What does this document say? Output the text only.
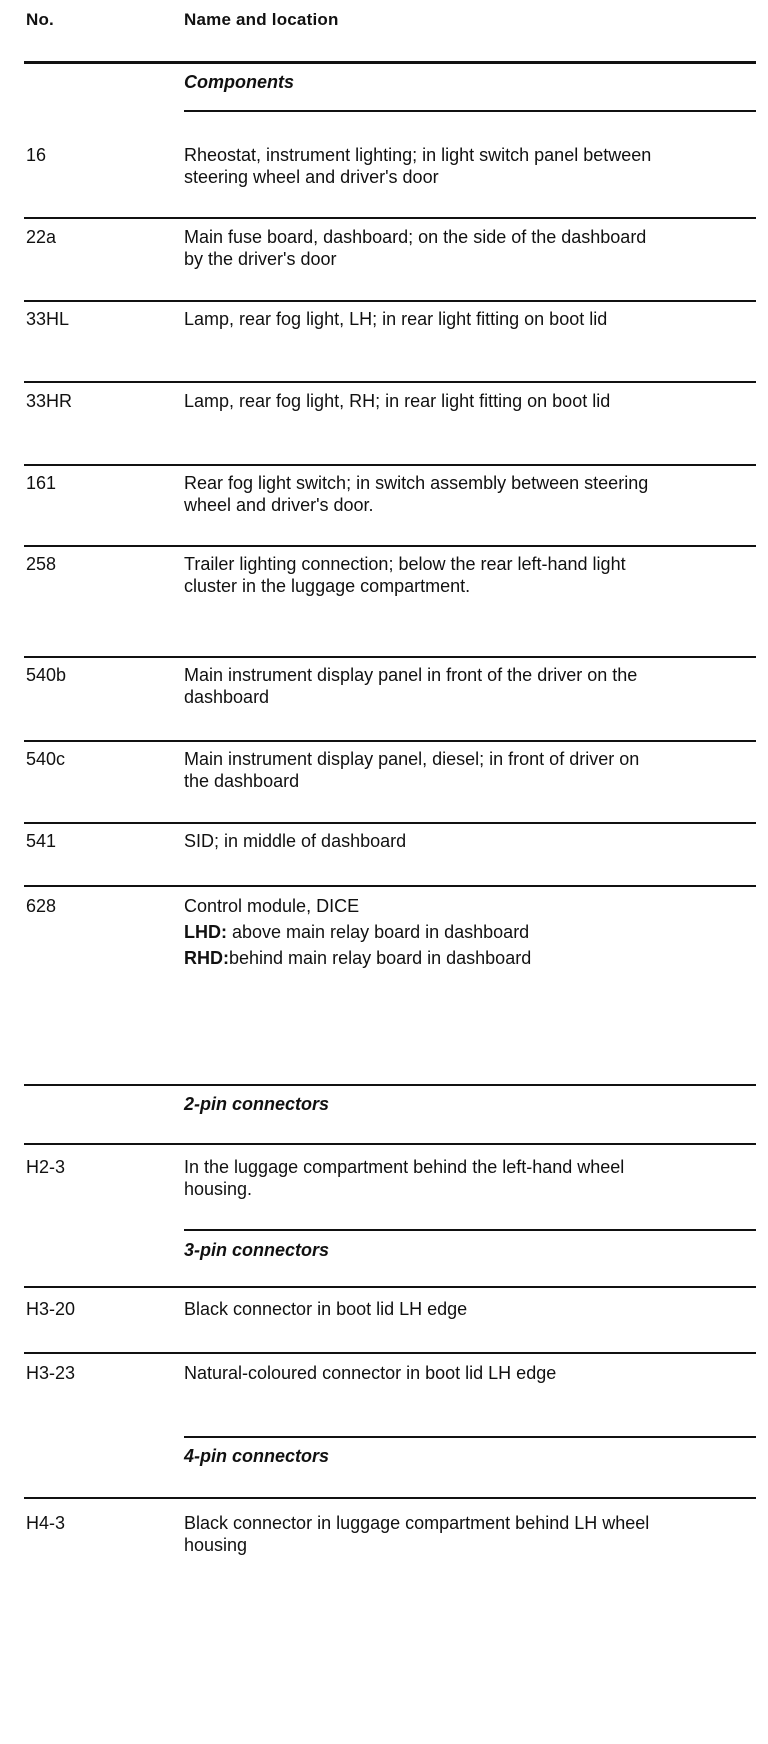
No.	Name and location
Components
16	Rheostat, instrument lighting; in light switch panel between steering wheel and driver's door
22a	Main fuse board, dashboard; on the side of the dashboard by the driver's door
33HL	Lamp, rear fog light, LH; in rear light fitting on boot lid
33HR	Lamp, rear fog light, RH; in rear light fitting on boot lid
161	Rear fog light switch; in switch assembly between steering wheel and driver's door.
258	Trailer lighting connection; below the rear left-hand light cluster in the luggage compartment.
540b	Main instrument display panel in front of the driver on the dashboard
540c	Main instrument display panel, diesel; in front of driver on the dashboard
541	SID; in middle of dashboard
628	Control module, DICE

LHD: above main relay board in dashboard

RHD:behind main relay board in dashboard

2-pin connectors
H2-3	In the luggage compartment behind the left-hand wheel housing.
3-pin connectors
H3-20	Black connector in boot lid LH edge
H3-23	Natural-coloured connector in boot lid LH edge
4-pin connectors
H4-3	Black connector in luggage compartment behind LH wheel housing
